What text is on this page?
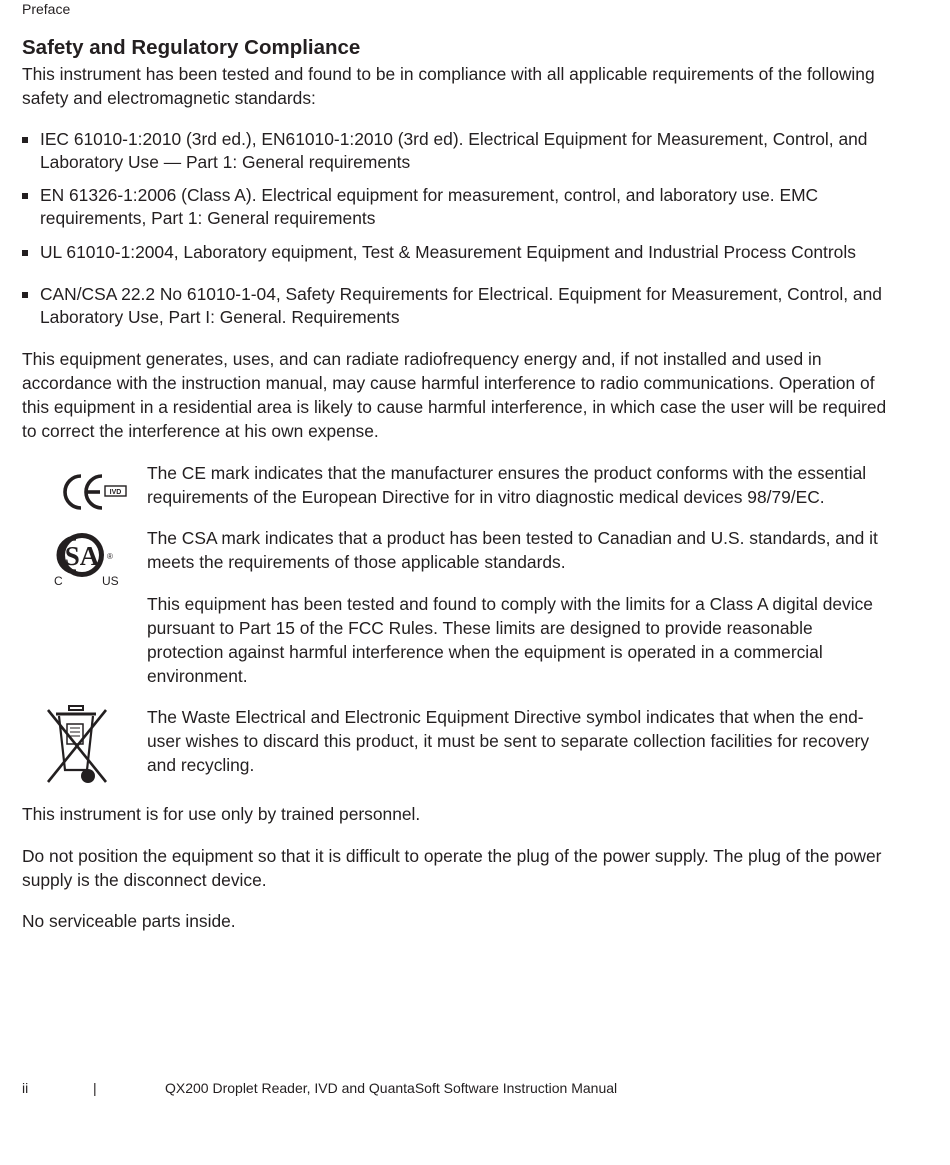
Preface
Safety and Regulatory Compliance

This instrument has been tested and found to be in compliance with all applicable requirements of the following safety and electromagnetic standards:

IEC 61010-1:2010 (3rd ed.), EN61010-1:2010 (3rd ed). Electrical Equipment for Measurement, Control, and Laboratory Use — Part 1: General requirements
EN 61326-1:2006 (Class A). Electrical equipment for measurement, control, and laboratory use. EMC requirements, Part 1: General requirements
UL 61010-1:2004, Laboratory equipment, Test & Measurement Equipment and Industrial Process Controls
CAN/CSA 22.2 No 61010-1-04, Safety Requirements for Electrical. Equipment for Measurement, Control, and Laboratory Use, Part I: General. Requirements

This equipment generates, uses, and can radiate radiofrequency energy and, if not installed and used in accordance with the instruction manual, may cause harmful interference to radio communications. Operation of this equipment in a residential area is likely to cause harmful interference, in which case the user will be required to correct the interference at his own expense.

IVD

The CE mark indicates that the manufacturer ensures the product conforms with the essential requirements of the European Directive for in vitro diagnostic medical devices 98/79/EC.

SA ®
C	US

The CSA mark indicates that a product has been tested to Canadian and U.S. standards, and it meets the requirements of those applicable standards.

This equipment has been tested and found to comply with the limits for a Class A digital device pursuant to Part 15 of the FCC Rules. These limits are designed to provide reasonable protection against harmful interference when the equipment is operated in a commercial environment.

The Waste Electrical and Electronic Equipment Directive symbol indicates that when the end-user wishes to discard this product, it must be sent to separate collection facilities for recovery and recycling.

This instrument is for use only by trained personnel.

Do not position the equipment so that it is difficult to operate the plug of the power supply. The plug of the power supply is the disconnect device.

No serviceable parts inside.

ii	|	QX200 Droplet Reader, IVD and QuantaSoft Software Instruction Manual
